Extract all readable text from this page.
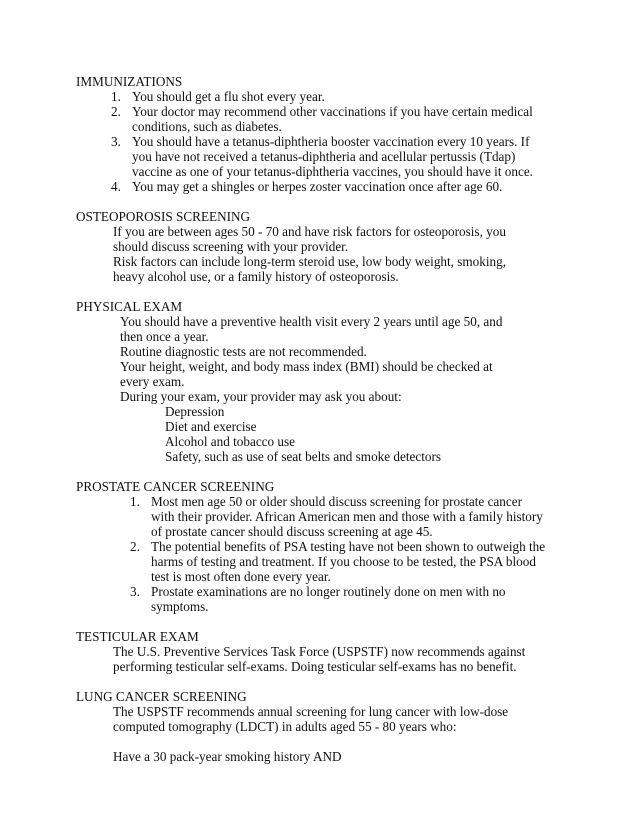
IMMUNIZATIONS
1. You should get a flu shot every year.
2. Your doctor may recommend other vaccinations if you have certain medical conditions, such as diabetes.
3. You should have a tetanus-diphtheria booster vaccination every 10 years. If you have not received a tetanus-diphtheria and acellular pertussis (Tdap) vaccine as one of your tetanus-diphtheria vaccines, you should have it once.
4. You may get a shingles or herpes zoster vaccination once after age 60.
OSTEOPOROSIS SCREENING
If you are between ages 50 - 70 and have risk factors for osteoporosis, you should discuss screening with your provider.
Risk factors can include long-term steroid use, low body weight, smoking, heavy alcohol use, or a family history of osteoporosis.
PHYSICAL EXAM
You should have a preventive health visit every 2 years until age 50, and then once a year.
Routine diagnostic tests are not recommended.
Your height, weight, and body mass index (BMI) should be checked at every exam.
During your exam, your provider may ask you about:
Depression
Diet and exercise
Alcohol and tobacco use
Safety, such as use of seat belts and smoke detectors
PROSTATE CANCER SCREENING
1. Most men age 50 or older should discuss screening for prostate cancer with their provider. African American men and those with a family history of prostate cancer should discuss screening at age 45.
2. The potential benefits of PSA testing have not been shown to outweigh the harms of testing and treatment. If you choose to be tested, the PSA blood test is most often done every year.
3. Prostate examinations are no longer routinely done on men with no symptoms.
TESTICULAR EXAM
The U.S. Preventive Services Task Force (USPSTF) now recommends against performing testicular self-exams. Doing testicular self-exams has no benefit.
LUNG CANCER SCREENING
The USPSTF recommends annual screening for lung cancer with low-dose computed tomography (LDCT) in adults aged 55 - 80 years who:
Have a 30 pack-year smoking history AND
